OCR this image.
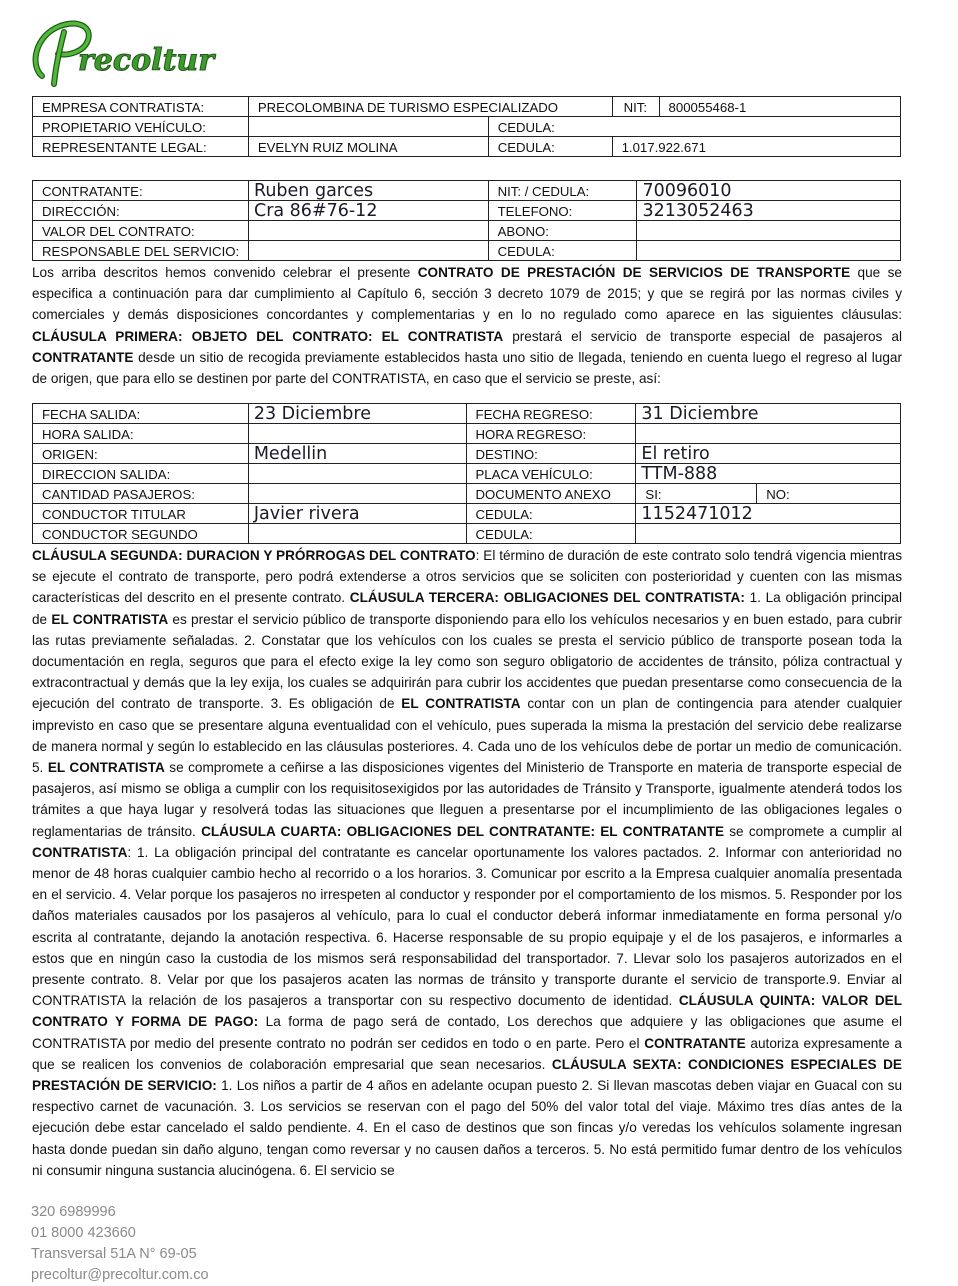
recoltur
EMPRESA CONTRATISTA:	PRECOLOMBINA DE TURISMO ESPECIALIZADO		NIT:	800055468-1
PROPIETARIO VEHÍCULO:		CEDULA:		
REPRESENTANTE LEGAL:	EVELYN RUIZ MOLINA	CEDULA:	1.017.922.671	
CONTRATANTE:	Ruben garces	NIT: / CEDULA:	70096010
DIRECCIÓN:	Cra 86#76-12	TELEFONO:	3213052463
VALOR DEL CONTRATO:		ABONO:	
RESPONSABLE DEL SERVICIO:		CEDULA:	

Los arriba descritos hemos convenido celebrar el presente CONTRATO DE PRESTACIÓN DE SERVICIOS DE TRANSPORTE que se especifica a continuación para dar cumplimiento al Capítulo 6, sección 3 decreto 1079 de 2015; y que se regirá por las normas civiles y comerciales y demás disposiciones concordantes y complementarias y en lo no regulado como aparece en las siguientes cláusulas: CLÁUSULA PRIMERA: OBJETO DEL CONTRATO: EL CONTRATISTA prestará el servicio de transporte especial de pasajeros al CONTRATANTE desde un sitio de recogida previamente establecidos hasta uno sitio de llegada, teniendo en cuenta luego el regreso al lugar de origen, que para ello se destinen por parte del CONTRATISTA, en caso que el servicio se preste, así:

FECHA SALIDA:	23 Diciembre	FECHA REGRESO:	31 Diciembre	
HORA SALIDA:		HORA REGRESO:		
ORIGEN:	Medellin	DESTINO:	El retiro	
DIRECCION SALIDA:		PLACA VEHÍCULO:	TTM-888	
CANTIDAD PASAJEROS:		DOCUMENTO ANEXO	SI:	NO:
CONDUCTOR TITULAR	Javier rivera	CEDULA:	1152471012	
CONDUCTOR SEGUNDO		CEDULA:		

CLÁUSULA SEGUNDA: DURACION Y PRÓRROGAS DEL CONTRATO: El término de duración de este contrato solo tendrá vigencia mientras se ejecute el contrato de transporte, pero podrá extenderse a otros servicios que se soliciten con posterioridad y cuenten con las mismas características del descrito en el presente contrato. CLÁUSULA TERCERA: OBLIGACIONES DEL CONTRATISTA: 1. La obligación principal de EL CONTRATISTA es prestar el servicio público de transporte disponiendo para ello los vehículos necesarios y en buen estado, para cubrir las rutas previamente señaladas. 2. Constatar que los vehículos con los cuales se presta el servicio público de transporte posean toda la documentación en regla, seguros que para el efecto exige la ley como son seguro obligatorio de accidentes de tránsito, póliza contractual y extracontractual y demás que la ley exija, los cuales se adquirirán para cubrir los accidentes que puedan presentarse como consecuencia de la ejecución del contrato de transporte. 3. Es obligación de EL CONTRATISTA contar con un plan de contingencia para atender cualquier imprevisto en caso que se presentare alguna eventualidad con el vehículo, pues superada la misma la prestación del servicio debe realizarse de manera normal y según lo establecido en las cláusulas posteriores. 4. Cada uno de los vehículos debe de portar un medio de comunicación. 5. EL CONTRATISTA se compromete a ceñirse a las disposiciones vigentes del Ministerio de Transporte en materia de transporte especial de pasajeros, así mismo se obliga a cumplir con los requisitosexigidos por las autoridades de Tránsito y Transporte, igualmente atenderá todos los trámites a que haya lugar y resolverá todas las situaciones que lleguen a presentarse por el incumplimiento de las obligaciones legales o reglamentarias de tránsito. CLÁUSULA CUARTA: OBLIGACIONES DEL CONTRATANTE: EL CONTRATANTE se compromete a cumplir al CONTRATISTA: 1. La obligación principal del contratante es cancelar oportunamente los valores pactados. 2. Informar con anterioridad no menor de 48 horas cualquier cambio hecho al recorrido o a los horarios. 3. Comunicar por escrito a la Empresa cualquier anomalía presentada en el servicio. 4. Velar porque los pasajeros no irrespeten al conductor y responder por el comportamiento de los mismos. 5. Responder por los daños materiales causados por los pasajeros al vehículo, para lo cual el conductor deberá informar inmediatamente en forma personal y/o escrita al contratante, dejando la anotación respectiva. 6. Hacerse responsable de su propio equipaje y el de los pasajeros, e informarles a estos que en ningún caso la custodia de los mismos será responsabilidad del transportador. 7. Llevar solo los pasajeros autorizados en el presente contrato. 8. Velar por que los pasajeros acaten las normas de tránsito y transporte durante el servicio de transporte.9. Enviar al CONTRATISTA la relación de los pasajeros a transportar con su respectivo documento de identidad. CLÁUSULA QUINTA: VALOR DEL CONTRATO Y FORMA DE PAGO: La forma de pago será de contado, Los derechos que adquiere y las obligaciones que asume el CONTRATISTA por medio del presente contrato no podrán ser cedidos en todo o en parte. Pero el CONTRATANTE autoriza expresamente a que se realicen los convenios de colaboración empresarial que sean necesarios. CLÁUSULA SEXTA: CONDICIONES ESPECIALES DE PRESTACIÓN DE SERVICIO: 1. Los niños a partir de 4 años en adelante ocupan puesto 2. Si llevan mascotas deben viajar en Guacal con su respectivo carnet de vacunación. 3. Los servicios se reservan con el pago del 50% del valor total del viaje. Máximo tres días antes de la ejecución debe estar cancelado el saldo pendiente. 4. En el caso de destinos que son fincas y/o veredas los vehículos solamente ingresan hasta donde puedan sin daño alguno, tengan como reversar y no causen daños a terceros. 5. No está permitido fumar dentro de los vehículos ni consumir ninguna sustancia alucinógena. 6. El servicio se

320 6989996
01 8000 423660
Transversal 51A N° 69-05
precoltur@precoltur.com.co
